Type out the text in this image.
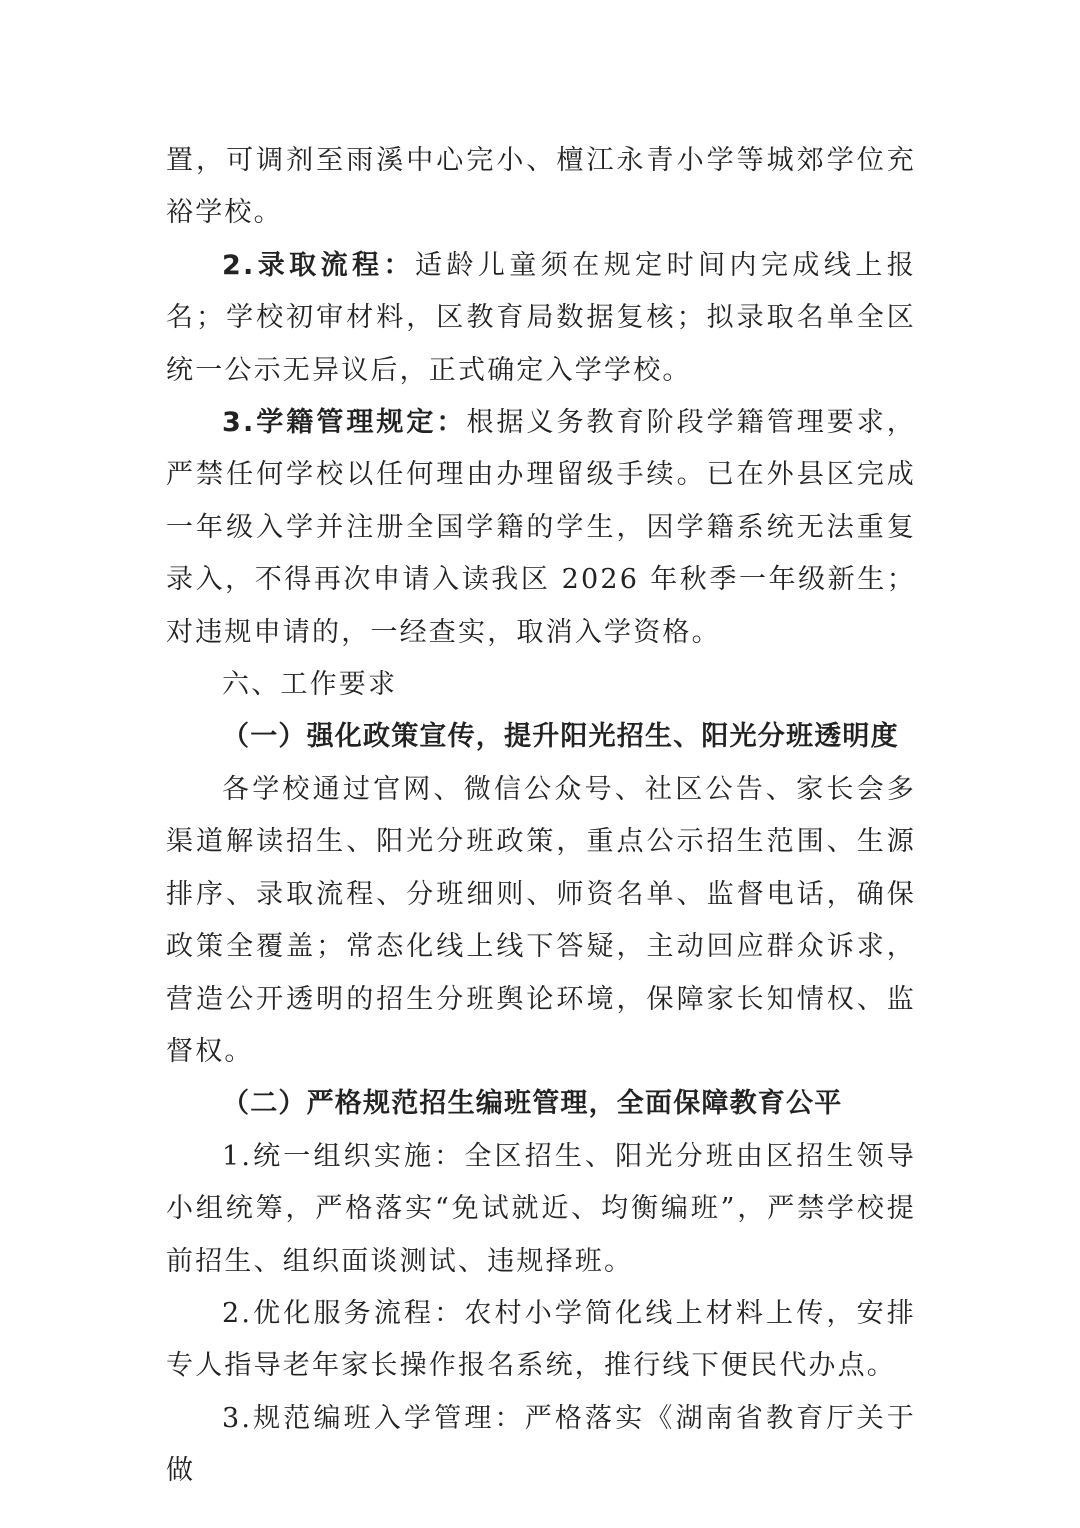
置，可调剂至雨溪中心完小、檀江永青小学等城郊学位充裕学校。

2.录取流程：适龄儿童须在规定时间内完成线上报名；学校初审材料，区教育局数据复核；拟录取名单全区统一公示无异议后，正式确定入学学校。

3.学籍管理规定：根据义务教育阶段学籍管理要求，严禁任何学校以任何理由办理留级手续。已在外县区完成一年级入学并注册全国学籍的学生，因学籍系统无法重复录入，不得再次申请入读我区 2026 年秋季一年级新生；对违规申请的，一经查实，取消入学资格。

六、工作要求

（一）强化政策宣传，提升阳光招生、阳光分班透明度

各学校通过官网、微信公众号、社区公告、家长会多渠道解读招生、阳光分班政策，重点公示招生范围、生源排序、录取流程、分班细则、师资名单、监督电话，确保政策全覆盖；常态化线上线下答疑，主动回应群众诉求，营造公开透明的招生分班舆论环境，保障家长知情权、监督权。

（二）严格规范招生编班管理，全面保障教育公平

1.统一组织实施：全区招生、阳光分班由区招生领导小组统筹，严格落实“免试就近、均衡编班”，严禁学校提前招生、组织面谈测试、违规择班。

2.优化服务流程：农村小学简化线上材料上传，安排专人指导老年家长操作报名系统，推行线下便民代办点。

3.规范编班入学管理：严格落实《湖南省教育厅关于做
